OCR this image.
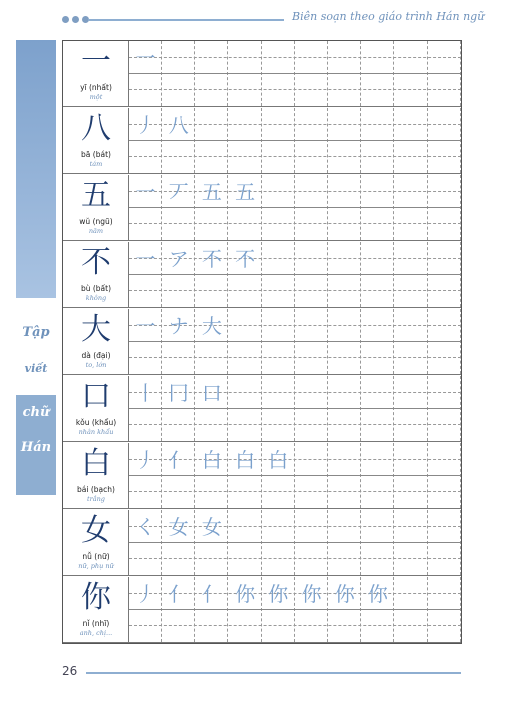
Biên soạn theo giáo trình Hán ngữ
Tập
viết
chữ
Hán
一
yī (nhất)
một
一
八
bā (bát)
tám
丿 八
五
wŭ (ngũ)
năm
一 丆 五 五
不
bù (bất)
không
一 ア 不 不
大
dà (đại)
to, lớn
一 ナ 大
口
kǒu (khẩu)
nhân khẩu
丨 冂 口
白
bái (bạch)
trắng
丿 亻 白 白 白
女
nǚ (nữ)
nữ, phụ nữ
く 女 女
你
nǐ (nhĩ)
anh, chị...
丿 亻 亻 你 你 你 你 你
26
